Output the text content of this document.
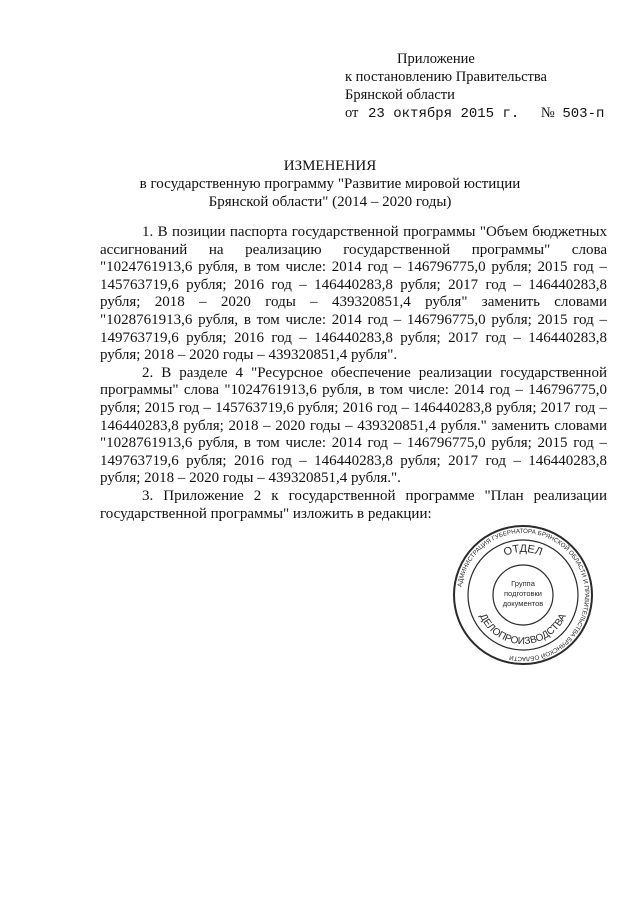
Приложение
к постановлению Правительства
Брянской области
от 23 октября 2015 г. № 503-п
ИЗМЕНЕНИЯ
в государственную программу "Развитие мировой юстиции
Брянской области" (2014 – 2020 годы)

1. В позиции паспорта государственной программы "Объем бюджетных ассигнований на реализацию государственной программы" слова "1024761913,6 рубля, в том числе: 2014 год – 146796775,0 рубля; 2015 год – 145763719,6 рубля; 2016 год – 146440283,8 рубля; 2017 год – 146440283,8 рубля; 2018 – 2020 годы – 439320851,4 рубля" заменить словами "1028761913,6 рубля, в том числе: 2014 год – 146796775,0 рубля; 2015 год – 149763719,6 рубля; 2016 год – 146440283,8 рубля; 2017 год – 146440283,8 рубля; 2018 – 2020 годы – 439320851,4 рубля".

2. В разделе 4 "Ресурсное обеспечение реализации государственной программы" слова "1024761913,6 рубля, в том числе: 2014 год – 146796775,0 рубля; 2015 год – 145763719,6 рубля; 2016 год – 146440283,8 рубля; 2017 год – 146440283,8 рубля; 2018 – 2020 годы – 439320851,4 рубля." заменить словами "1028761913,6 рубля, в том числе: 2014 год – 146796775,0 рубля; 2015 год – 149763719,6 рубля; 2016 год – 146440283,8 рубля; 2017 год – 146440283,8 рубля; 2018 – 2020 годы – 439320851,4 рубля.".

3. Приложение 2 к государственной программе "План реализации государственной программы" изложить в редакции:

АДМИНИСТРАЦИЯ ГУБЕРНАТОРА БРЯНСКОЙ ОБЛАСТИ И ПРАВИТЕЛЬСТВА БРЯНСКОЙ ОБЛАСТИ
ОТДЕЛ
ДЕЛОПРОИЗВОДСТВА
Группа
подготовки
документов
